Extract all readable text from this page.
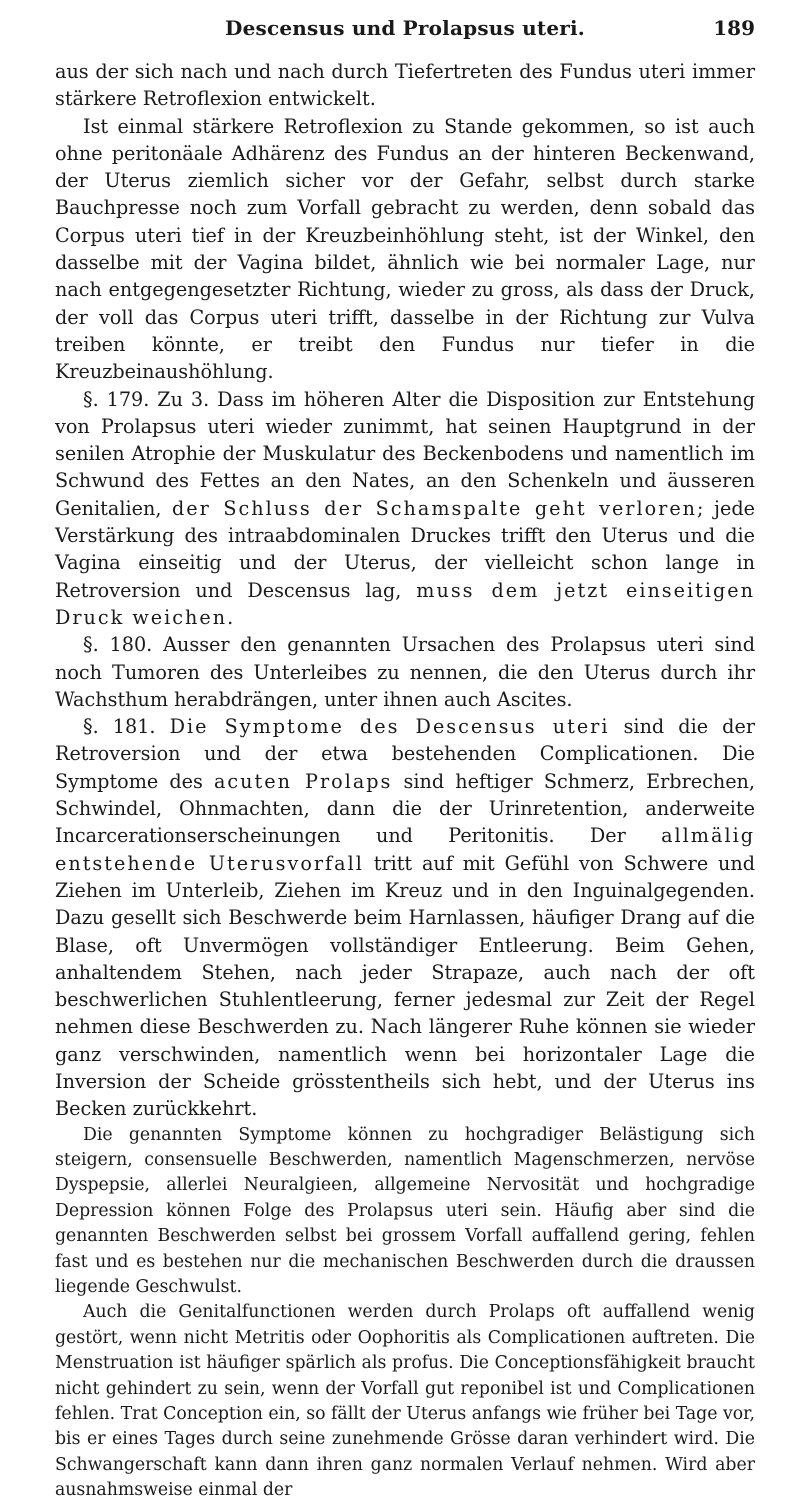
Descensus und Prolapsus uteri.	189

aus der sich nach und nach durch Tiefertreten des Fundus uteri immer stärkere Retroflexion entwickelt.

Ist einmal stärkere Retroflexion zu Stande gekommen, so ist auch ohne peritonäale Adhärenz des Fundus an der hinteren Beckenwand, der Uterus ziemlich sicher vor der Gefahr, selbst durch starke Bauchpresse noch zum Vorfall gebracht zu werden, denn sobald das Corpus uteri tief in der Kreuzbeinhöhlung steht, ist der Winkel, den dasselbe mit der Vagina bildet, ähnlich wie bei normaler Lage, nur nach entgegengesetzter Richtung, wieder zu gross, als dass der Druck, der voll das Corpus uteri trifft, dasselbe in der Richtung zur Vulva treiben könnte, er treibt den Fundus nur tiefer in die Kreuzbeinaushöhlung.

§. 179. Zu 3. Dass im höheren Alter die Disposition zur Entstehung von Prolapsus uteri wieder zunimmt, hat seinen Hauptgrund in der senilen Atrophie der Muskulatur des Beckenbodens und namentlich im Schwund des Fettes an den Nates, an den Schenkeln und äusseren Genitalien, der Schluss der Schamspalte geht verloren; jede Verstärkung des intraabdominalen Druckes trifft den Uterus und die Vagina einseitig und der Uterus, der vielleicht schon lange in Retroversion und Descensus lag, muss dem jetzt einseitigen Druck weichen.

§. 180. Ausser den genannten Ursachen des Prolapsus uteri sind noch Tumoren des Unterleibes zu nennen, die den Uterus durch ihr Wachsthum herabdrängen, unter ihnen auch Ascites.

§. 181. Die Symptome des Descensus uteri sind die der Retroversion und der etwa bestehenden Complicationen. Die Symptome des acuten Prolaps sind heftiger Schmerz, Erbrechen, Schwindel, Ohnmachten, dann die der Urinretention, anderweite Incarcerationserscheinungen und Peritonitis. Der allmälig entstehende Uterusvorfall tritt auf mit Gefühl von Schwere und Ziehen im Unterleib, Ziehen im Kreuz und in den Inguinalgegenden. Dazu gesellt sich Beschwerde beim Harnlassen, häufiger Drang auf die Blase, oft Unvermögen vollständiger Entleerung. Beim Gehen, anhaltendem Stehen, nach jeder Strapaze, auch nach der oft beschwerlichen Stuhlentleerung, ferner jedesmal zur Zeit der Regel nehmen diese Beschwerden zu. Nach längerer Ruhe können sie wieder ganz verschwinden, namentlich wenn bei horizontaler Lage die Inversion der Scheide grösstentheils sich hebt, und der Uterus ins Becken zurückkehrt.

Die genannten Symptome können zu hochgradiger Belästigung sich steigern, consensuelle Beschwerden, namentlich Magenschmerzen, nervöse Dyspepsie, allerlei Neuralgieen, allgemeine Nervosität und hochgradige Depression können Folge des Prolapsus uteri sein. Häufig aber sind die genannten Beschwerden selbst bei grossem Vorfall auffallend gering, fehlen fast und es bestehen nur die mechanischen Beschwerden durch die draussen liegende Geschwulst.

Auch die Genitalfunctionen werden durch Prolaps oft auffallend wenig gestört, wenn nicht Metritis oder Oophoritis als Complicationen auftreten. Die Menstruation ist häufiger spärlich als profus. Die Conceptionsfähigkeit braucht nicht gehindert zu sein, wenn der Vorfall gut reponibel ist und Complicationen fehlen. Trat Conception ein, so fällt der Uterus anfangs wie früher bei Tage vor, bis er eines Tages durch seine zunehmende Grösse daran verhindert wird. Die Schwangerschaft kann dann ihren ganz normalen Verlauf nehmen. Wird aber ausnahmsweise einmal der
